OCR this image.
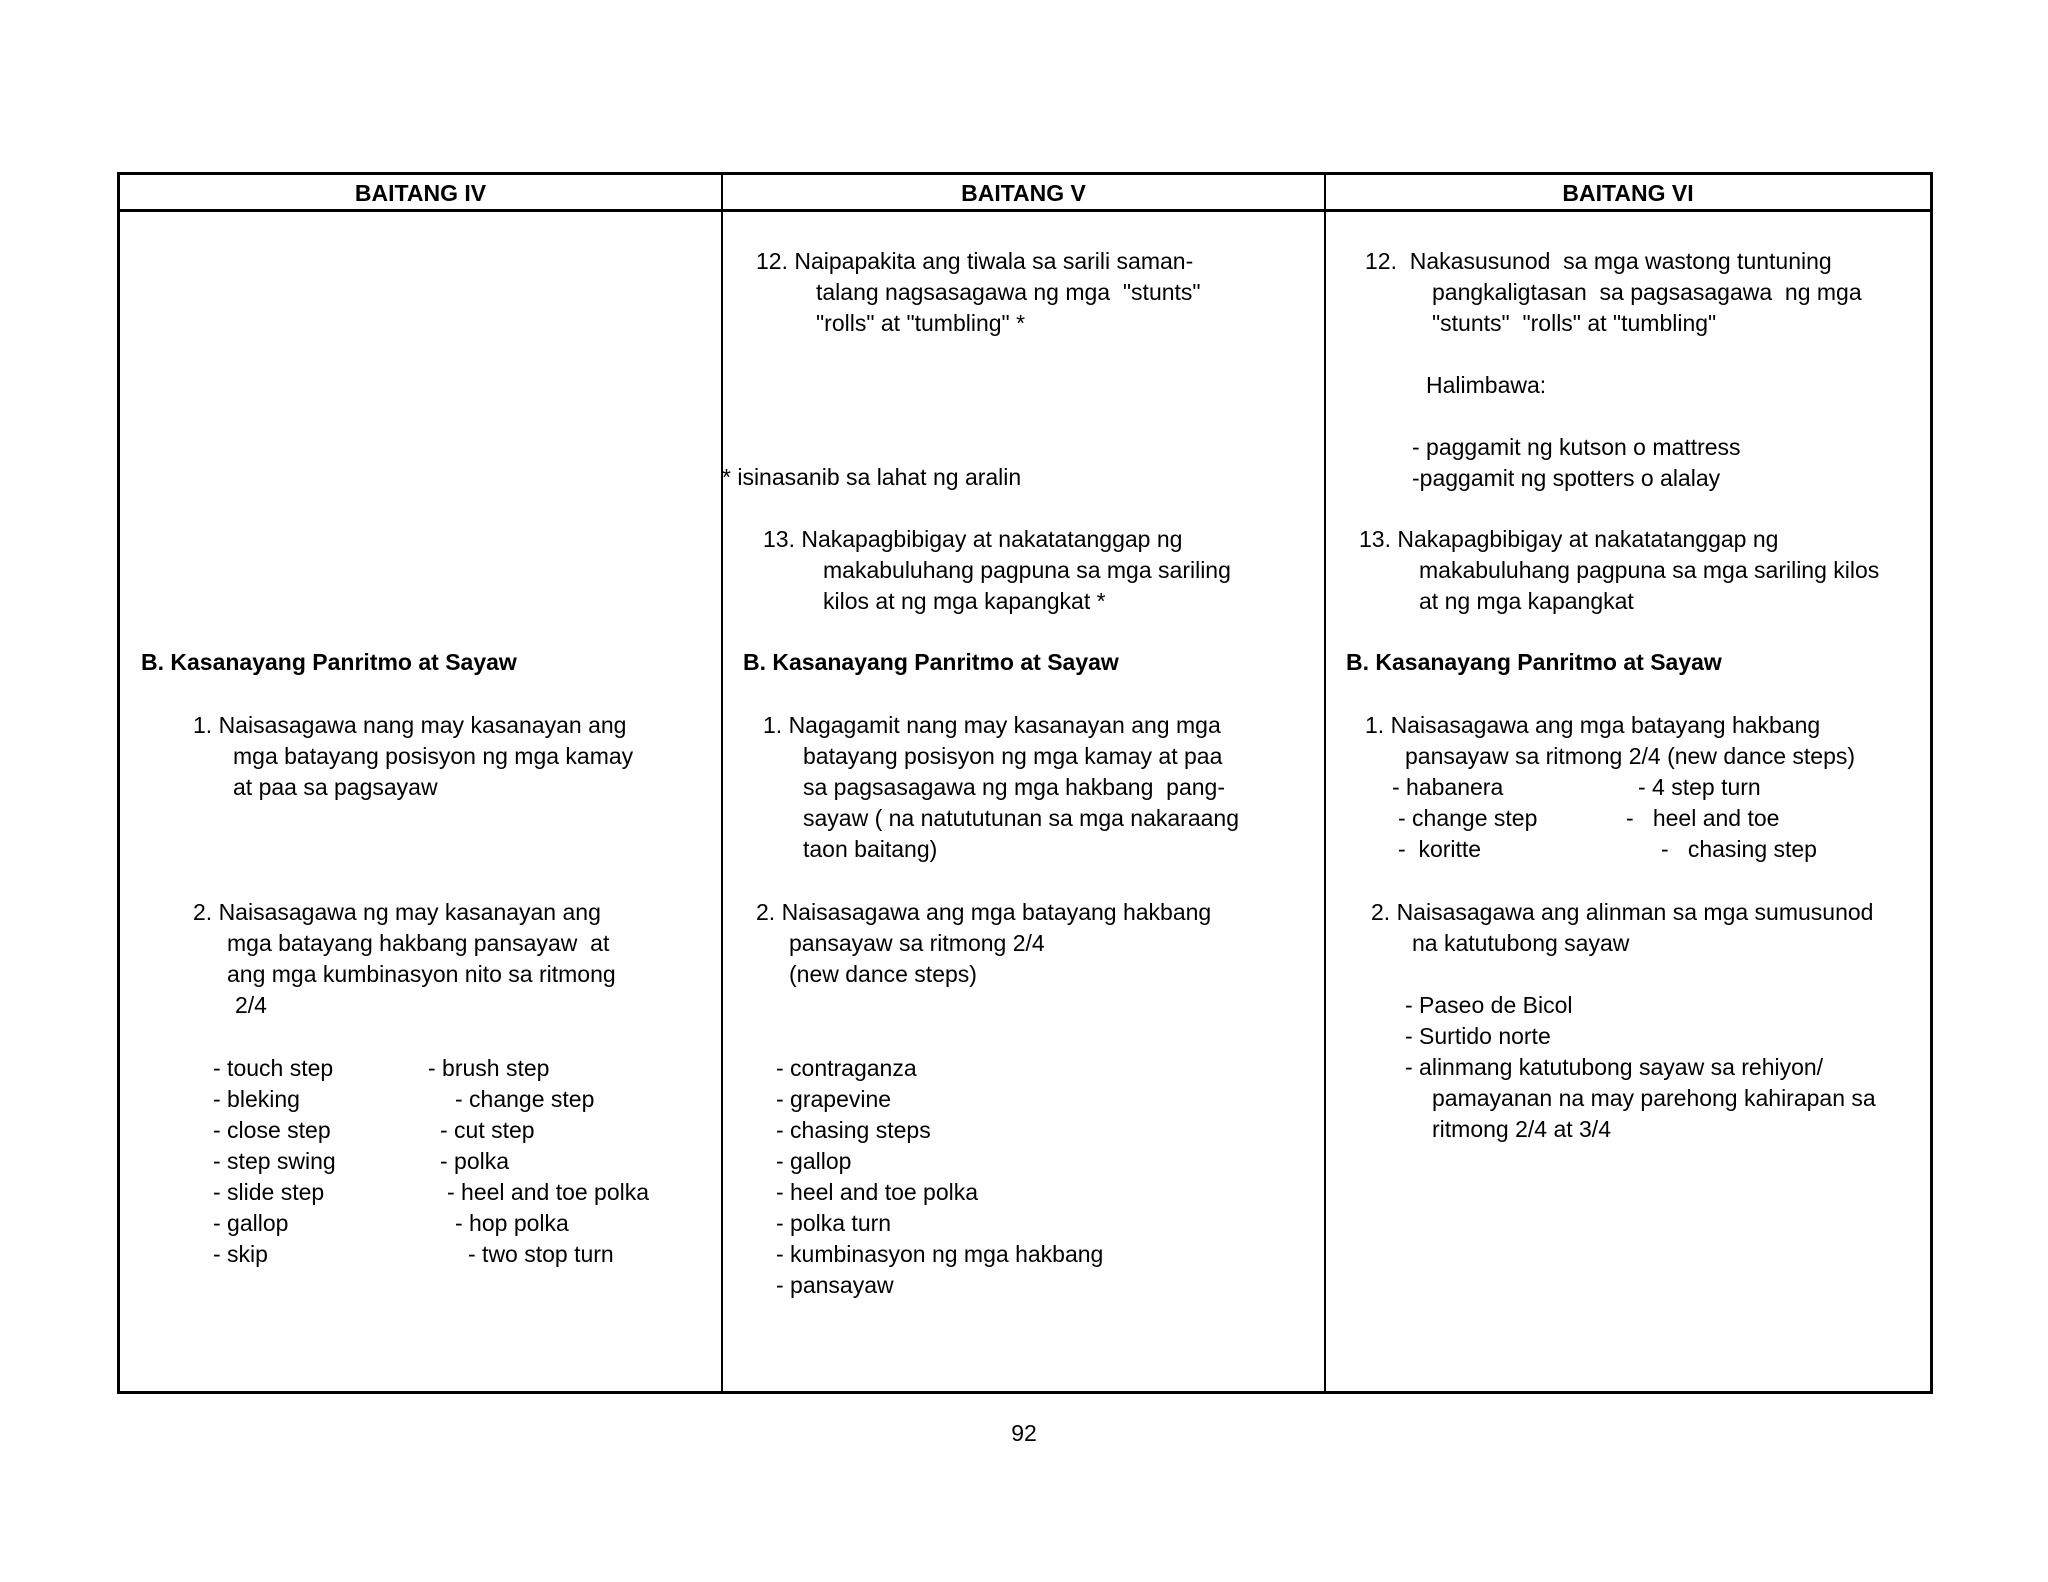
BAITANG IV	BAITANG V	BAITANG VI
B. Kasanayang Panritmo at Sayaw
1. Naisasagawa nang may kasanayan ang
mga batayang posisyon ng mga kamay
at paa sa pagsayaw
2. Naisasagawa ng may kasanayan ang
mga batayang hakbang pansayaw  at
ang mga kumbinasyon nito sa ritmong
2/4
- touch step
- bleking
- close step
- step swing
- slide step
- gallop
- skip
- brush step
- change step
- cut step
- polka
- heel and toe polka
- hop polka
- two stop turn
12. Naipapakita ang tiwala sa sarili saman-
talang nagsasagawa ng mga  "stunts"
"rolls" at "tumbling" *
* isinasanib sa lahat ng aralin
13. Nakapagbibigay at nakatatanggap ng
makabuluhang pagpuna sa mga sariling
kilos at ng mga kapangkat *
B. Kasanayang Panritmo at Sayaw
1. Nagagamit nang may kasanayan ang mga
batayang posisyon ng mga kamay at paa
sa pagsasagawa ng mga hakbang  pang-
sayaw ( na natututunan sa mga nakaraang
taon baitang)
2. Naisasagawa ang mga batayang hakbang
pansayaw sa ritmong 2/4
(new dance steps)
- contraganza
- grapevine
- chasing steps
- gallop
- heel and toe polka
- polka turn
- kumbinasyon ng mga hakbang
- pansayaw
12.  Nakasusunod  sa mga wastong tuntuning
pangkaligtasan  sa pagsasagawa  ng mga
"stunts"  "rolls" at "tumbling"
Halimbawa:
- paggamit ng kutson o mattress
-paggamit ng spotters o alalay
13. Nakapagbibigay at nakatatanggap ng
makabuluhang pagpuna sa mga sariling kilos
at ng mga kapangkat
B. Kasanayang Panritmo at Sayaw
1. Naisasagawa ang mga batayang hakbang
pansayaw sa ritmong 2/4 (new dance steps)
- habanera
- change step
-  koritte
- 4 step turn
-   heel and toe
-   chasing step
2. Naisasagawa ang alinman sa mga sumusunod
na katutubong sayaw
- Paseo de Bicol
- Surtido norte
- alinmang katutubong sayaw sa rehiyon/
pamayanan na may parehong kahirapan sa
ritmong 2/4 at 3/4
92
